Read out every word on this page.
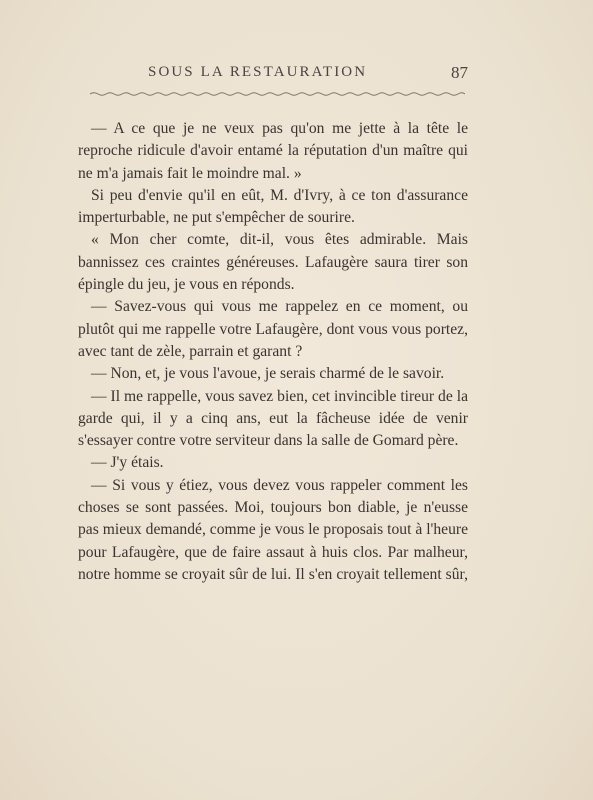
SOUS LA RESTAURATION	87

— A ce que je ne veux pas qu'on me jette à la tête le reproche ridicule d'avoir entamé la réputation d'un maître qui ne m'a jamais fait le moindre mal. »

Si peu d'envie qu'il en eût, M. d'Ivry, à ce ton d'assurance imperturbable, ne put s'empêcher de sourire.

« Mon cher comte, dit-il, vous êtes admirable. Mais bannissez ces craintes généreuses. Lafaugère saura tirer son épingle du jeu, je vous en réponds.

— Savez-vous qui vous me rappelez en ce moment, ou plutôt qui me rappelle votre Lafaugère, dont vous vous portez, avec tant de zèle, parrain et garant ?

— Non, et, je vous l'avoue, je serais charmé de le savoir.

— Il me rappelle, vous savez bien, cet invincible tireur de la garde qui, il y a cinq ans, eut la fâcheuse idée de venir s'essayer contre votre serviteur dans la salle de Gomard père.

— J'y étais.

— Si vous y étiez, vous devez vous rappeler comment les choses se sont passées. Moi, toujours bon diable, je n'eusse pas mieux demandé, comme je vous le proposais tout à l'heure pour Lafaugère, que de faire assaut à huis clos. Par malheur, notre homme se croyait sûr de lui. Il s'en croyait tellement sûr,
